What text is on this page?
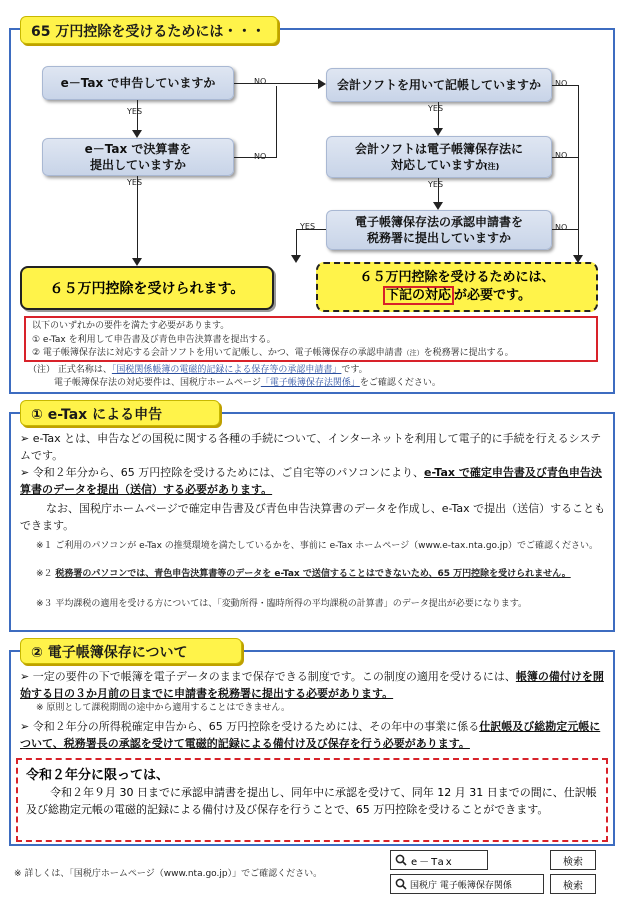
65 万円控除を受けるためには・・・
e－Tax で申告していますか
e－Tax で決算書を
提出していますか
会計ソフトを用いて記帳していますか
会計ソフトは電子帳簿保存法に
対応していますか
(注)
電子帳簿保存法の承認申請書を
税務署に提出していますか
NO
YES
NO
YES
YES
YES
NO
NO
NO
YES
６５万円控除を受けられます。
６５万円控除を受けるためには、
下記の対応 が必要です。
以下のいずれかの要件を満たす必要があります。
① e-Tax を利用して申告書及び青色申告決算書を提出する。
② 電子帳簿保存法に対応する会計ソフトを用いて記帳し、かつ、電子帳簿保存の承認申請書（注）を税務署に提出する。
（注） 正式名称は、「国税関係帳簿の電磁的記録による保存等の承認申請書」です。
電子帳簿保存法の対応要件は、国税庁ホームページ「電子帳簿保存法関係」をご確認ください。
① e-Tax による申告
➢ e-Tax とは、申告などの国税に関する各種の手続について、インターネットを利用して電子的に手続を行えるシステムです。
➢ 令和２年分から、65 万円控除を受けるためには、ご自宅等のパソコンにより、e-Tax で確定申告書及び青色申告決算書のデータを提出（送信）する必要があります。
なお、国税庁ホームページで確定申告書及び青色申告決算書のデータを作成し、e-Tax で提出（送信）することもできます。
※１ ご利用のパソコンが e-Tax の推奨環境を満たしているかを、事前に e-Tax ホームページ（www.e-tax.nta.go.jp）でご確認ください。
※２ 税務署のパソコンでは、青色申告決算書等のデータを e-Tax で送信することはできないため、65 万円控除を受けられません。
※３ 平均課税の適用を受ける方については、「変動所得・臨時所得の平均課税の計算書」のデータ提出が必要になります。
② 電子帳簿保存について
➢ 一定の要件の下で帳簿を電子データのままで保存できる制度です。この制度の適用を受けるには、帳簿の備付けを開始する日の３か月前の日までに申請書を税務署に提出する必要があります。
※ 原則として課税期間の途中から適用することはできません。
➢ 令和２年分の所得税確定申告から、65 万円控除を受けるためには、その年中の事業に係る仕訳帳及び総勘定元帳について、税務署長の承認を受けて電磁的記録による備付け及び保存を行う必要があります。
令和２年分に限っては、
令和２年９月 30 日までに承認申請書を提出し、同年中に承認を受けて、同年 12 月 31 日までの間に、仕訳帳及び総勘定元帳の電磁的記録による備付け及び保存を行うことで、65 万円控除を受けることができます。
※ 詳しくは、「国税庁ホームページ（www.nta.go.jp）」でご確認ください。
e－Tax	検索
国税庁 電子帳簿保存関係	検索
